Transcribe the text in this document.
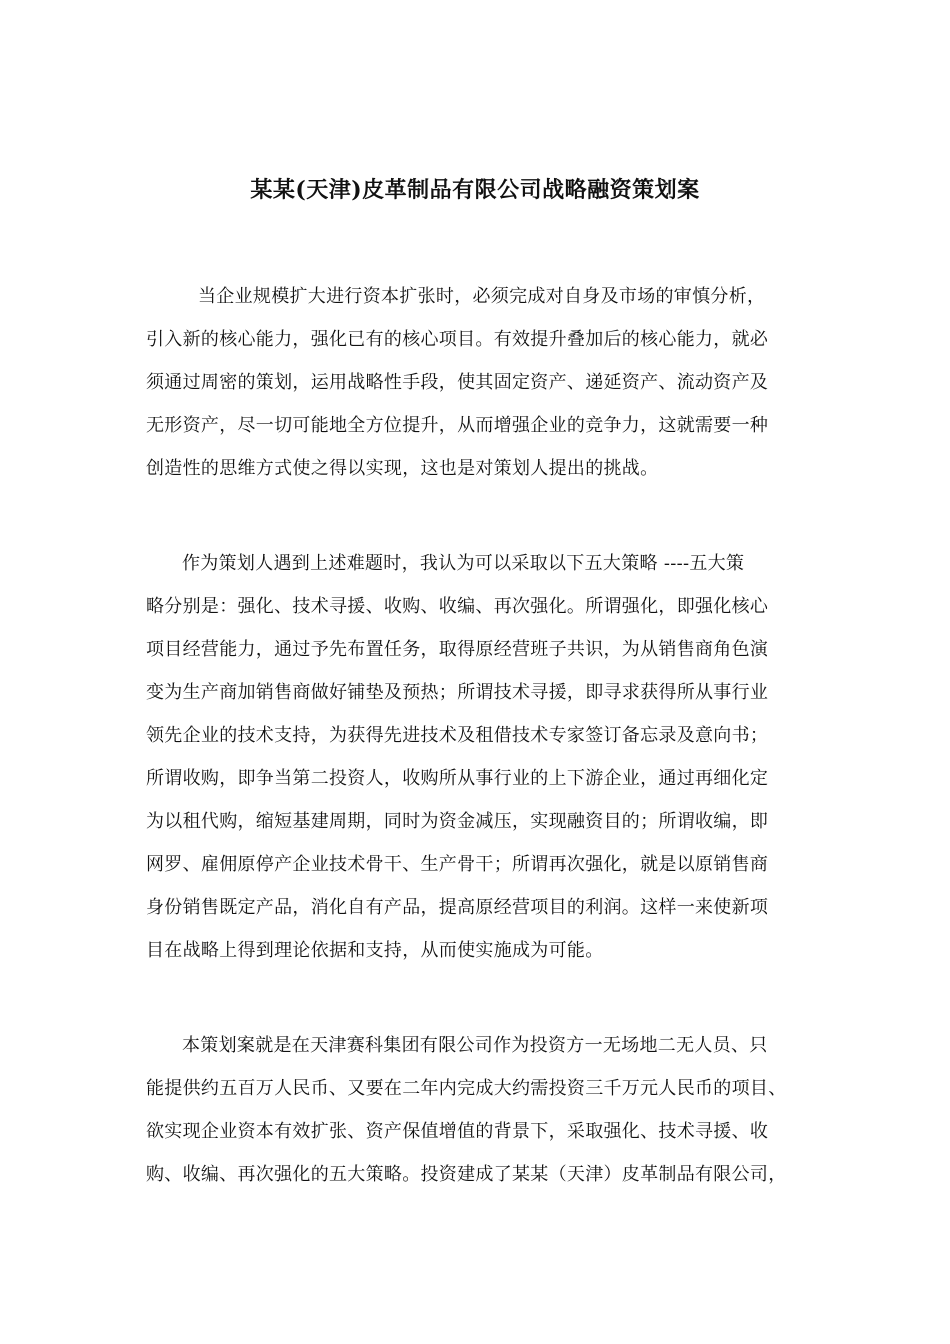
某某(天津)皮革制品有限公司战略融资策划案
当企业规模扩大进行资本扩张时，必须完成对自身及市场的审慎分析，
引入新的核心能力，强化已有的核心项目。有效提升叠加后的核心能力，就必
须通过周密的策划，运用战略性手段，使其固定资产、递延资产、流动资产及
无形资产，尽一切可能地全方位提升，从而增强企业的竞争力，这就需要一种
创造性的思维方式使之得以实现，这也是对策划人提出的挑战。
作为策划人遇到上述难题时，我认为可以采取以下五大策略 ----五大策
略分别是：强化、技术寻援、收购、收编、再次强化。所谓强化，即强化核心
项目经营能力，通过予先布置任务，取得原经营班子共识，为从销售商角色演
变为生产商加销售商做好铺垫及预热；所谓技术寻援，即寻求获得所从事行业
领先企业的技术支持，为获得先进技术及租借技术专家签订备忘录及意向书；
所谓收购，即争当第二投资人，收购所从事行业的上下游企业，通过再细化定
为以租代购，缩短基建周期，同时为资金减压，实现融资目的；所谓收编，即
网罗、雇佣原停产企业技术骨干、生产骨干；所谓再次强化，就是以原销售商
身份销售既定产品，消化自有产品，提高原经营项目的利润。这样一来使新项
目在战略上得到理论依据和支持，从而使实施成为可能。
本策划案就是在天津赛科集团有限公司作为投资方一无场地二无人员、只
能提供约五百万人民币、又要在二年内完成大约需投资三千万元人民币的项目、
欲实现企业资本有效扩张、资产保值增值的背景下，采取强化、技术寻援、收
购、收编、再次强化的五大策略。投资建成了某某（天津）皮革制品有限公司，
